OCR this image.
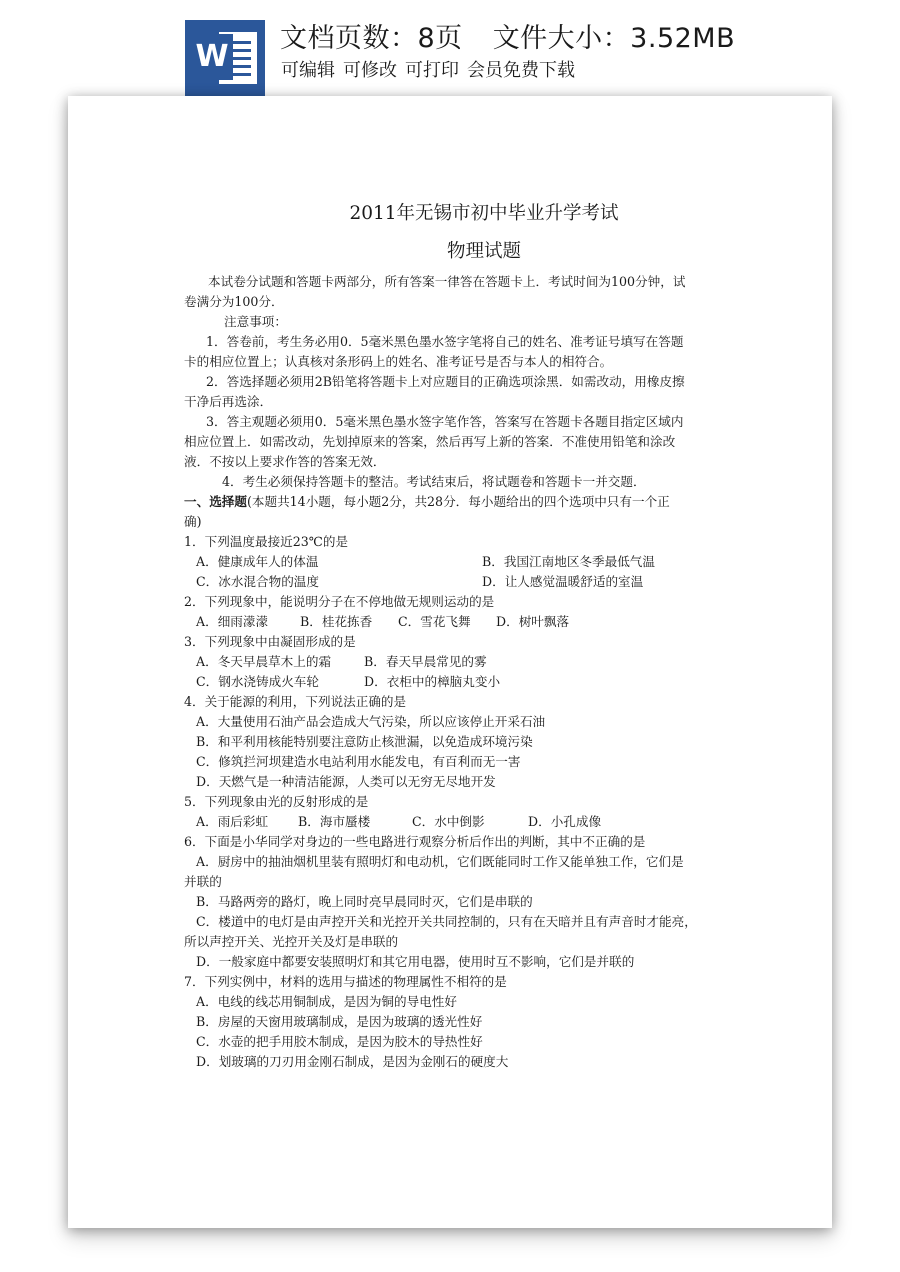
W
文档页数：8页 文件大小：3.52MB
可编辑 可修改 可打印 会员免费下载
2011年无锡市初中毕业升学考试
物理试题
本试卷分试题和答题卡两部分，所有答案一律答在答题卡上．考试时间为100分钟，试
卷满分为100分．
注意事项：
1．答卷前，考生务必用0．5毫米黑色墨水签字笔将自己的姓名、准考证号填写在答题
卡的相应位置上；认真核对条形码上的姓名、准考证号是否与本人的相符合。
2．答选择题必须用2B铅笔将答题卡上对应题目的正确选项涂黑．如需改动，用橡皮擦
干净后再选涂．
3．答主观题必须用0．5毫米黑色墨水签字笔作答，答案写在答题卡各题目指定区域内
相应位置上．如需改动，先划掉原来的答案，然后再写上新的答案．不准使用铅笔和涂改
液．不按以上要求作答的答案无效．
4．考生必须保持答题卡的整洁。考试结束后，将试题卷和答题卡一并交题．
一、选择题(本题共14小题，每小题2分，共28分．每小题给出的四个选项中只有一个正
确)
1．下列温度最接近23℃的是
A．健康成年人的体温	B．我国江南地区冬季最低气温
C．冰水混合物的温度	D．让人感觉温暖舒适的室温
2．下列现象中，能说明分子在不停地做无规则运动的是
A．细雨濛濛	B．桂花拣香 C．雪花飞舞 D．树叶飘落
3．下列现象中由凝固形成的是
A．冬天早晨草木上的霜	B．春天早晨常见的雾
C．钢水浇铸成火车轮	D．衣柜中的樟脑丸变小
4．关于能源的利用，下列说法正确的是
A．大量使用石油产品会造成大气污染，所以应该停止开采石油
B．和平利用核能特别要注意防止核泄漏，以免造成环境污染
C．修筑拦河坝建造水电站利用水能发电，有百利而无一害
D．天燃气是一种清洁能源，人类可以无穷无尽地开发
5．下列现象由光的反射形成的是
A．雨后彩虹 B．海市蜃楼	C．水中倒影	D．小孔成像
6．下面是小华同学对身边的一些电路进行观察分析后作出的判断，其中不正确的是
A．厨房中的抽油烟机里装有照明灯和电动机，它们既能同时工作又能单独工作，它们是
并联的
B．马路两旁的路灯，晚上同时亮早晨同时灭，它们是串联的
C．楼道中的电灯是由声控开关和光控开关共同控制的，只有在天暗并且有声音时才能亮，
所以声控开关、光控开关及灯是串联的
D．一般家庭中都要安装照明灯和其它用电器，使用时互不影响，它们是并联的
7．下列实例中，材料的选用与描述的物理属性不相符的是
A．电线的线芯用铜制成，是因为铜的导电性好
B．房屋的天窗用玻璃制成，是因为玻璃的透光性好
C．水壶的把手用胶木制成，是因为胶木的导热性好
D．划玻璃的刀刃用金刚石制成，是因为金刚石的硬度大
